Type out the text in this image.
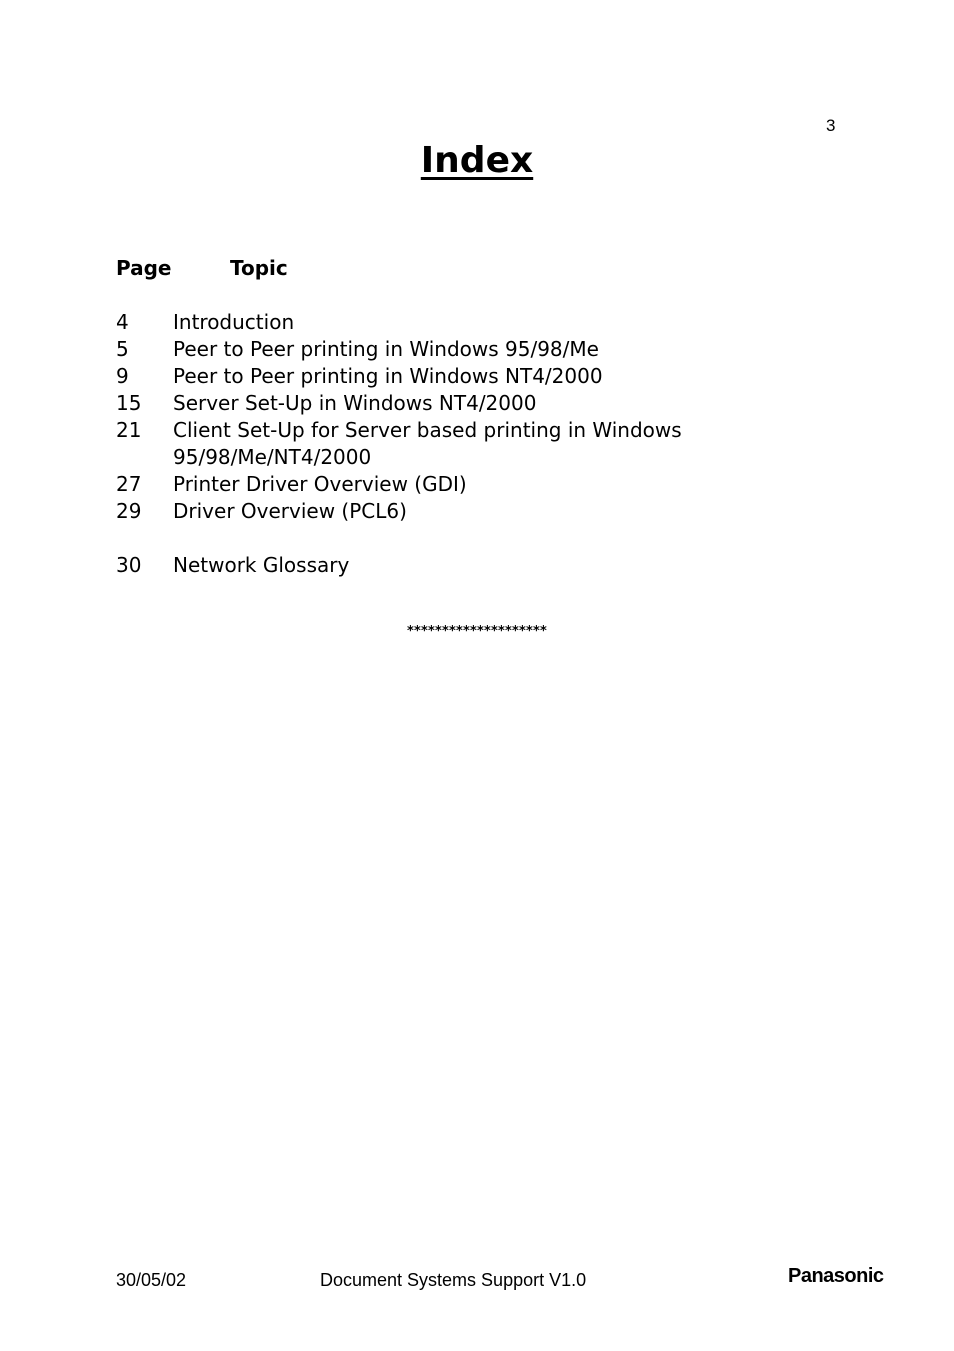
3
Index
Page	Topic
4 Introduction
5 Peer to Peer printing in Windows 95/98/Me
9 Peer to Peer printing in Windows NT4/2000
15 Server Set-Up in Windows NT4/2000
21 Client Set-Up for Server based printing in Windows 95/98/Me/NT4/2000
27 Printer Driver Overview (GDI)
29 Driver Overview (PCL6)
30 Network Glossary
********************
30/05/02	Document Systems Support V1.0	Panasonic
